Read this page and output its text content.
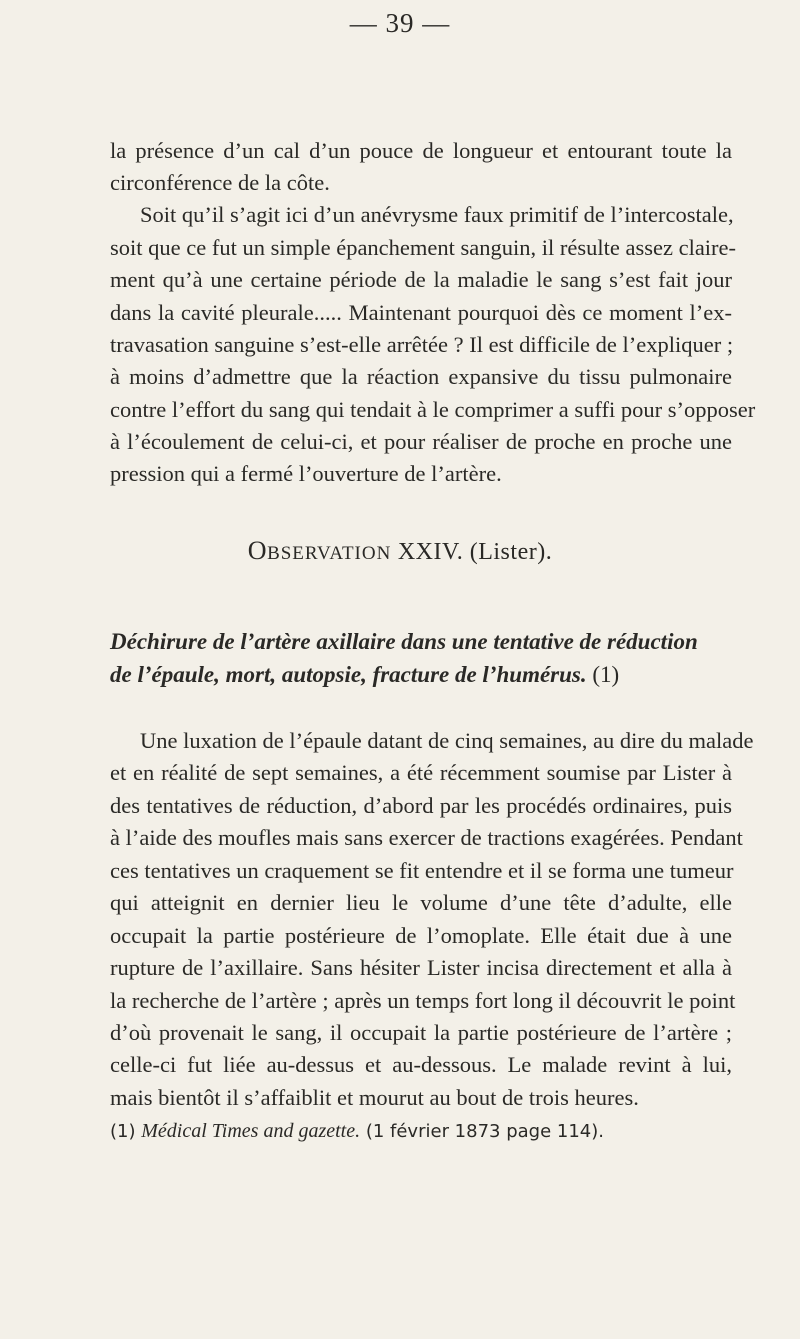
— 39 —
la présence d’un cal d’un pouce de longueur et entourant toute la
circonférence de la côte.
Soit qu’il s’agit ici d’un anévrysme faux primitif de l’intercostale,
soit que ce fut un simple épanchement sanguin, il résulte assez claire-
ment qu’à une certaine période de la maladie le sang s’est fait jour
dans la cavité pleurale..... Maintenant pourquoi dès ce moment l’ex-
travasation sanguine s’est-elle arrêtée ? Il est difficile de l’expliquer ;
à moins d’admettre que la réaction expansive du tissu pulmonaire
contre l’effort du sang qui tendait à le comprimer a suffi pour s’opposer
à l’écoulement de celui-ci, et pour réaliser de proche en proche une
pression qui a fermé l’ouverture de l’artère.
OBSERVATION XXIV. (Lister).
Déchirure de l’artère axillaire dans une tentative de réduction
de l’épaule, mort, autopsie, fracture de l’humérus. (1)
Une luxation de l’épaule datant de cinq semaines, au dire du malade
et en réalité de sept semaines, a été récemment soumise par Lister à
des tentatives de réduction, d’abord par les procédés ordinaires, puis
à l’aide des moufles mais sans exercer de tractions exagérées. Pendant
ces tentatives un craquement se fit entendre et il se forma une tumeur
qui atteignit en dernier lieu le volume d’une tête d’adulte, elle
occupait la partie postérieure de l’omoplate. Elle était due à une
rupture de l’axillaire. Sans hésiter Lister incisa directement et alla à
la recherche de l’artère ; après un temps fort long il découvrit le point
d’où provenait le sang, il occupait la partie postérieure de l’artère ;
celle-ci fut liée au-dessus et au-dessous. Le malade revint à lui,
mais bientôt il s’affaiblit et mourut au bout de trois heures.
(1) Médical Times and gazette. (1 février 1873 page 114).
